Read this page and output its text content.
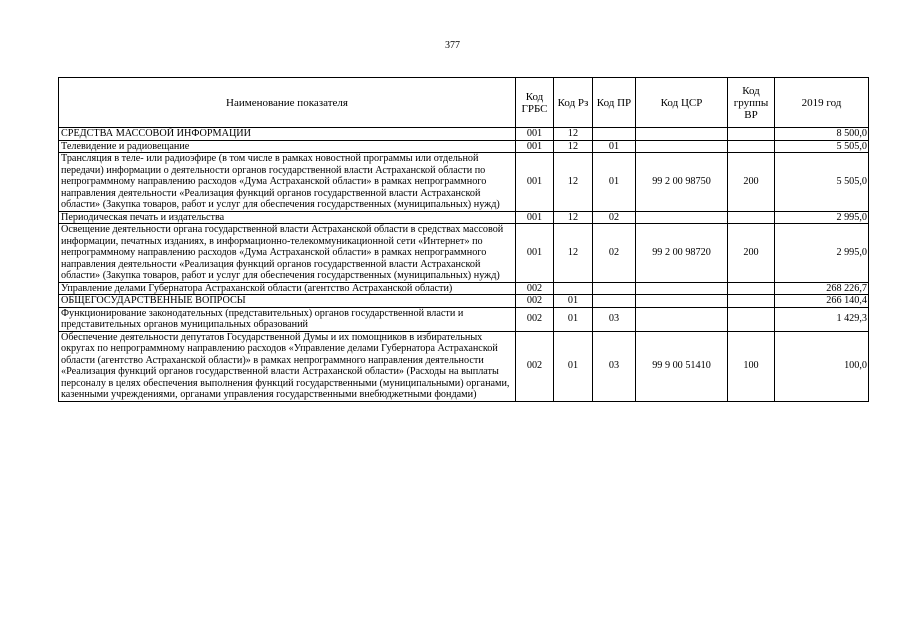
377
Наименование показателя	Код ГРБС	Код Рз	Код ПР	Код ЦСР	Код группы ВР	2019 год
СРЕДСТВА МАССОВОЙ ИНФОРМАЦИИ	001	12				8 500,0
Телевидение и радиовещание	001	12	01			5 505,0
Трансляция в теле- или радиоэфире (в том числе в рамках новостной программы или отдельной передачи) информации о деятельности органов государственной власти Астраханской области по непрограммному направлению расходов «Дума Астраханской области» в рамках непрограммного направления деятельности «Реализация функций органов государственной власти Астраханской области» (Закупка товаров, работ и услуг для обеспечения государственных (муниципальных) нужд)	001	12	01	99 2 00 98750	200	5 505,0
Периодическая печать и издательства	001	12	02			2 995,0
Освещение деятельности органа государственной власти Астраханской области в средствах массовой информации, печатных изданиях, в информационно-телекоммуникационной сети «Интернет» по непрограммному направлению расходов «Дума Астраханской области» в рамках непрограммного направления деятельности «Реализация функций органов государственной власти Астраханской области» (Закупка товаров, работ и услуг для обеспечения государственных (муниципальных) нужд)	001	12	02	99 2 00 98720	200	2 995,0
Управление делами Губернатора Астраханской области (агентство Астраханской области)	002					268 226,7
ОБЩЕГОСУДАРСТВЕННЫЕ ВОПРОСЫ	002	01				266 140,4
Функционирование законодательных (представительных) органов государственной власти и представительных органов муниципальных образований	002	01	03			1 429,3
Обеспечение деятельности депутатов Государственной Думы и их помощников в избирательных округах по непрограммному направлению расходов «Управление делами Губернатора Астраханской области (агентство Астраханской области)» в рамках непрограммного направления деятельности «Реализация функций органов государственной власти Астраханской области» (Расходы на выплаты персоналу в целях обеспечения выполнения функций государственными (муниципальными) органами, казенными учреждениями, органами управления государственными внебюджетными фондами)	002	01	03	99 9 00 51410	100	100,0
